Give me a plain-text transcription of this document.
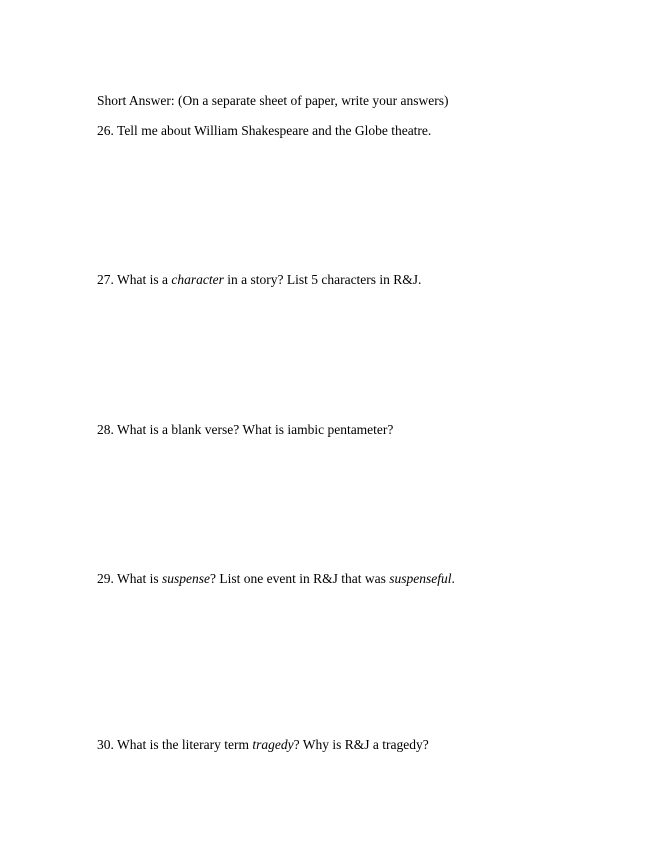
Short Answer: (On a separate sheet of paper, write your answers)
26. Tell me about William Shakespeare and the Globe theatre.
27. What is a character in a story? List 5 characters in R&J.
28. What is a blank verse? What is iambic pentameter?
29. What is suspense? List one event in R&J that was suspenseful.
30. What is the literary term tragedy? Why is R&J a tragedy?
